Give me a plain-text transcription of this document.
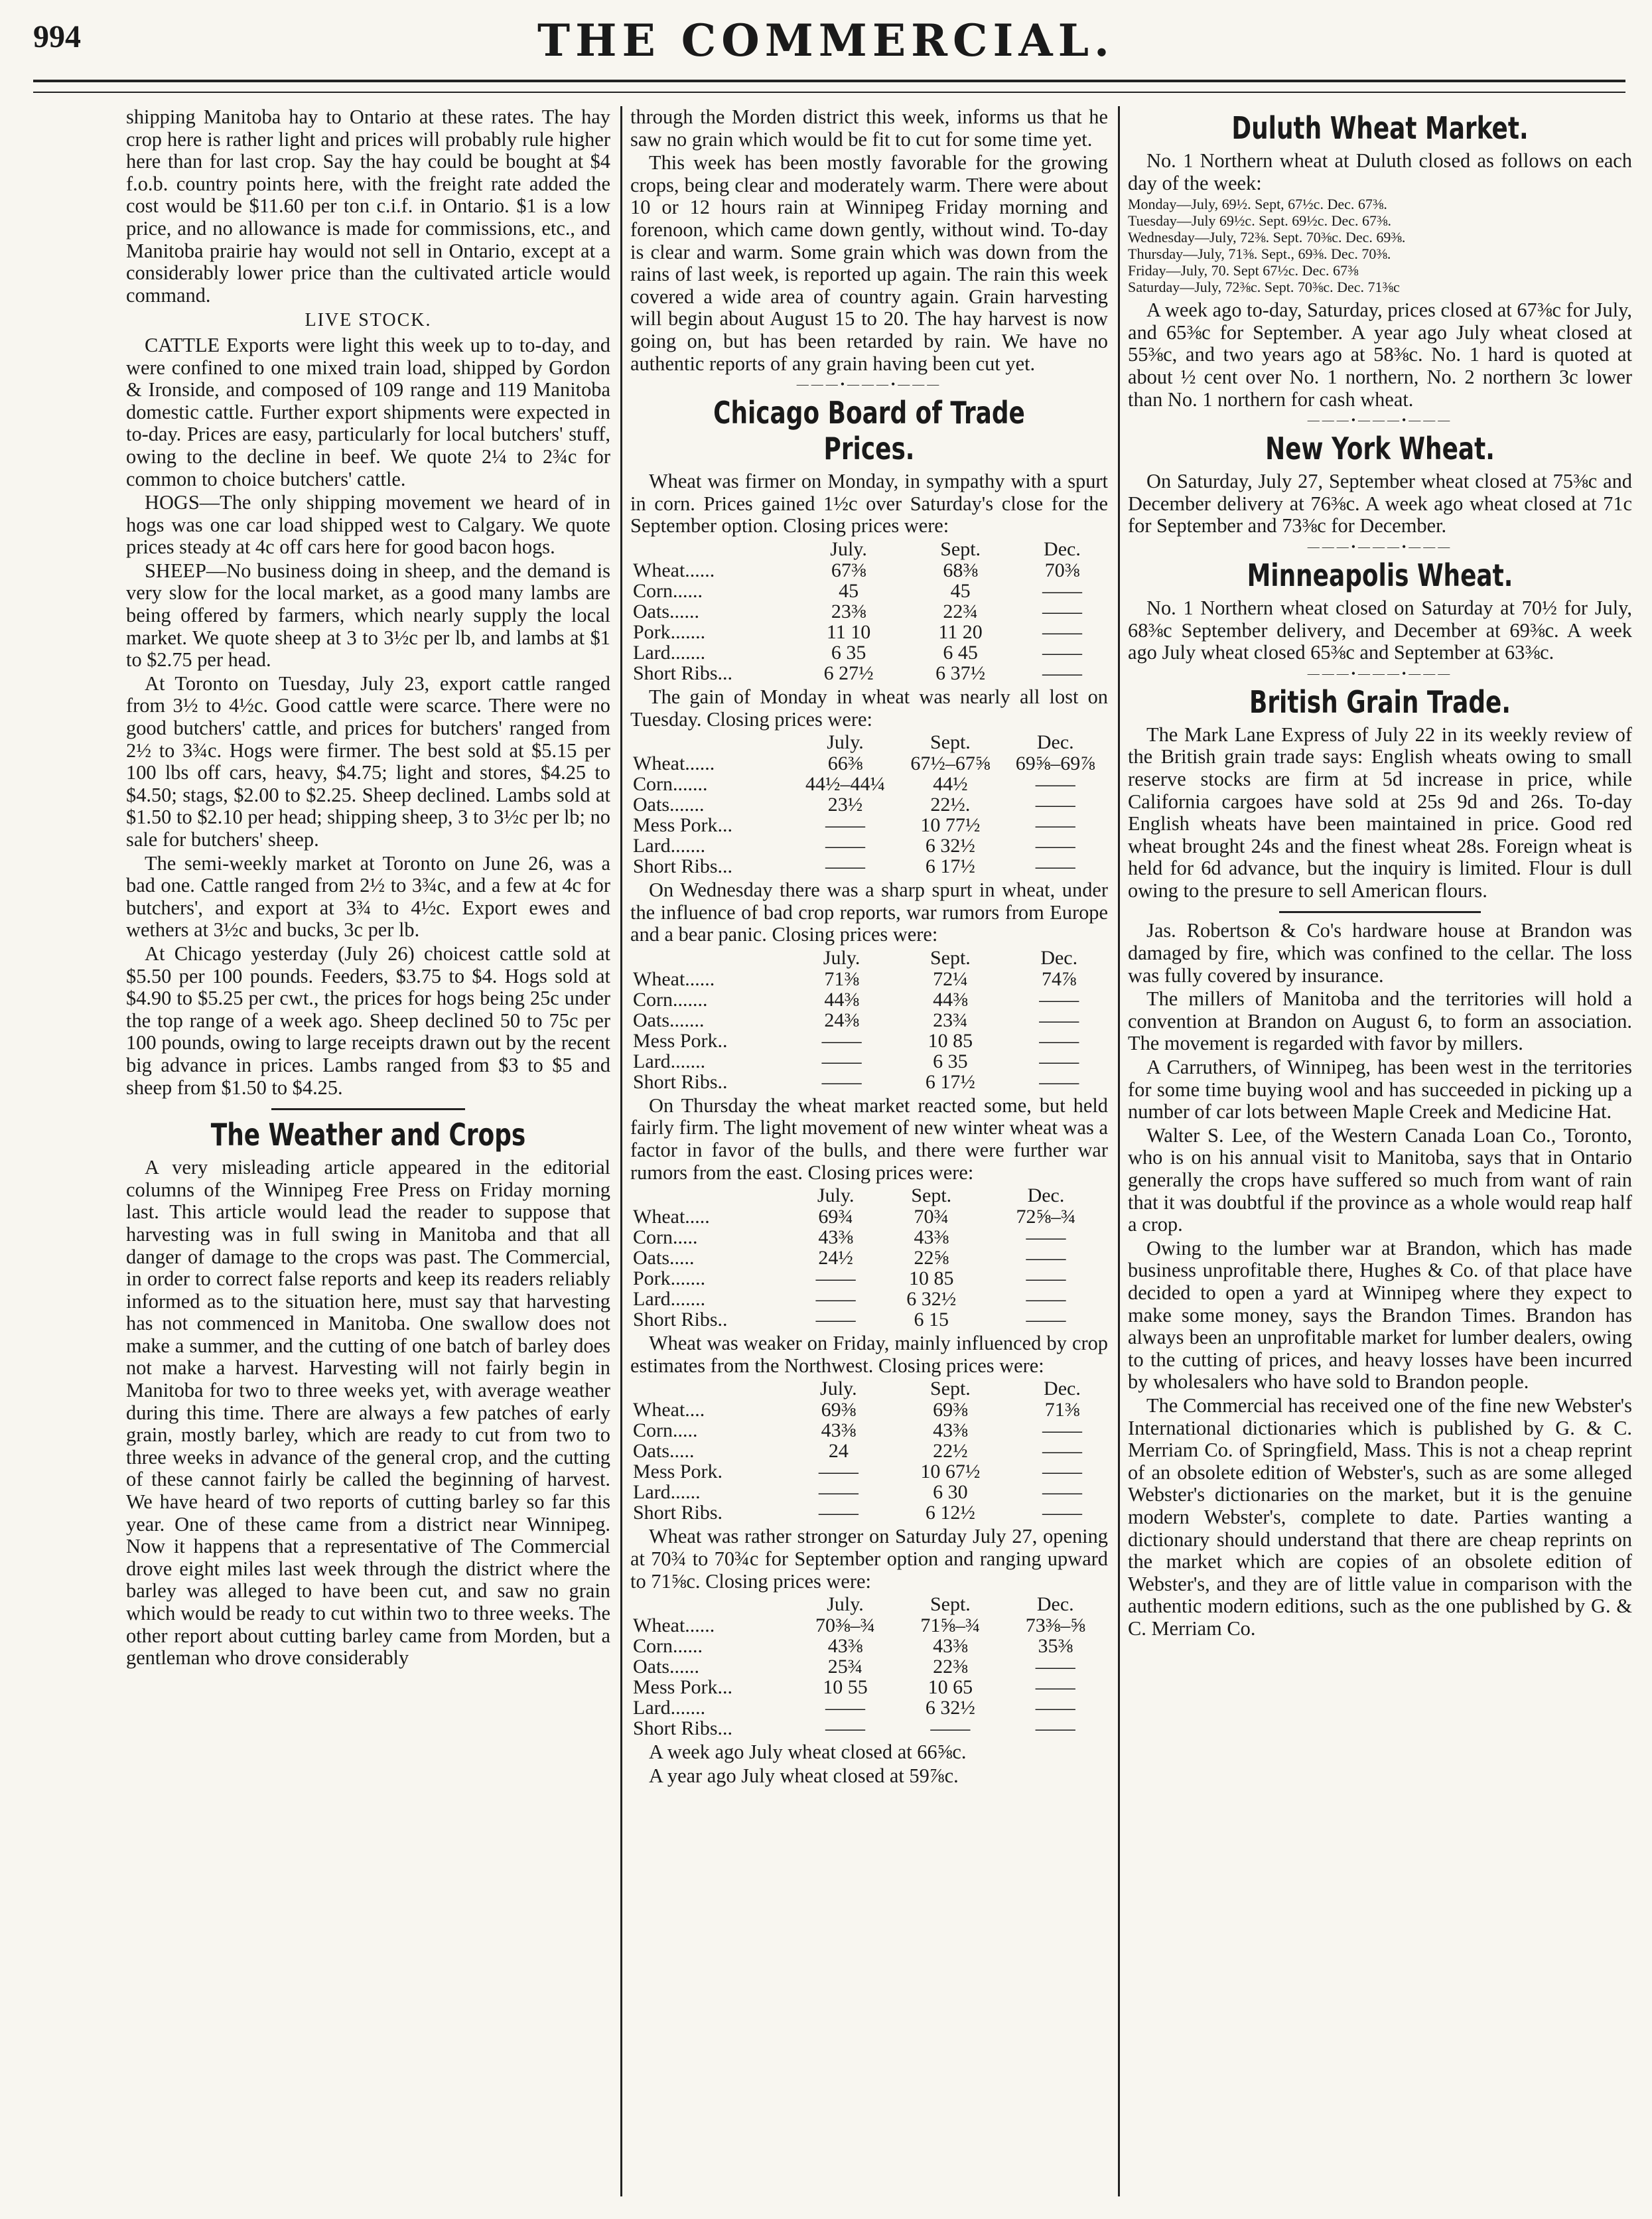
994	THE COMMERCIAL.

shipping Manitoba hay to Ontario at these rates. The hay crop here is rather light and prices will probably rule higher here than for last crop. Say the hay could be bought at $4 f.o.b. country points here, with the freight rate added the cost would be $11.60 per ton c.i.f. in Ontario. $1 is a low price, and no allowance is made for commissions, etc., and Manitoba prairie hay would not sell in Ontario, except at a considerably lower price than the cultivated article would command.

LIVE STOCK.

CATTLE Exports were light this week up to to-day, and were confined to one mixed train load, shipped by Gordon & Ironside, and composed of 109 range and 119 Manitoba domestic cattle. Further export shipments were expected in to-day. Prices are easy, particularly for local butchers' stuff, owing to the decline in beef. We quote 2¼ to 2¾c for common to choice butchers' cattle.

HOGS—The only shipping movement we heard of in hogs was one car load shipped west to Calgary. We quote prices steady at 4c off cars here for good bacon hogs.

SHEEP—No business doing in sheep, and the demand is very slow for the local market, as a good many lambs are being offered by farmers, which nearly supply the local market. We quote sheep at 3 to 3½c per lb, and lambs at $1 to $2.75 per head.

At Toronto on Tuesday, July 23, export cattle ranged from 3½ to 4½c. Good cattle were scarce. There were no good butchers' cattle, and prices for butchers' ranged from 2½ to 3¾c. Hogs were firmer. The best sold at $5.15 per 100 lbs off cars, heavy, $4.75; light and stores, $4.25 to $4.50; stags, $2.00 to $2.25. Sheep declined. Lambs sold at $1.50 to $2.10 per head; shipping sheep, 3 to 3½c per lb; no sale for butchers' sheep.

The semi-weekly market at Toronto on June 26, was a bad one. Cattle ranged from 2½ to 3¾c, and a few at 4c for butchers', and export at 3¾ to 4½c. Export ewes and wethers at 3½c and bucks, 3c per lb.

At Chicago yesterday (July 26) choicest cattle sold at $5.50 per 100 pounds. Feeders, $3.75 to $4. Hogs sold at $4.90 to $5.25 per cwt., the prices for hogs being 25c under the top range of a week ago. Sheep declined 50 to 75c per 100 pounds, owing to large receipts drawn out by the recent big advance in prices. Lambs ranged from $3 to $5 and sheep from $1.50 to $4.25.

The Weather and Crops

A very misleading article appeared in the editorial columns of the Winnipeg Free Press on Friday morning last. This article would lead the reader to suppose that harvesting was in full swing in Manitoba and that all danger of damage to the crops was past. The Commercial, in order to correct false reports and keep its readers reliably informed as to the situation here, must say that harvesting has not commenced in Manitoba. One swallow does not make a summer, and the cutting of one batch of barley does not make a harvest. Harvesting will not fairly begin in Manitoba for two to three weeks yet, with average weather during this time. There are always a few patches of early grain, mostly barley, which are ready to cut from two to three weeks in advance of the general crop, and the cutting of these cannot fairly be called the beginning of harvest. We have heard of two reports of cutting barley so far this year. One of these came from a district near Winnipeg. Now it happens that a representative of The Commercial drove eight miles last week through the district where the barley was alleged to have been cut, and saw no grain which would be ready to cut within two to three weeks. The other report about cutting barley came from Morden, but a gentleman who drove considerably

through the Morden district this week, informs us that he saw no grain which would be fit to cut for some time yet.

This week has been mostly favorable for the growing crops, being clear and moderately warm. There were about 10 or 12 hours rain at Winnipeg Friday morning and forenoon, which came down gently, without wind. To-day is clear and warm. Some grain which was down from the rains of last week, is reported up again. The rain this week covered a wide area of country again. Grain harvesting will begin about August 15 to 20. The hay harvest is now going on, but has been retarded by rain. We have no authentic reports of any grain having been cut yet.

———•———•———
Chicago Board of Trade Prices.

Wheat was firmer on Monday, in sympathy with a spurt in corn. Prices gained 1½c over Saturday's close for the September option. Closing prices were:

	July.	Sept.	Dec.
Wheat......	67⅜	68⅜	70⅜
Corn......	45	45	——
Oats......	23⅜	22¾	——
Pork.......	11 10	11 20	——
Lard.......	6 35	6 45	——
Short Ribs...	6 27½	6 37½	——

The gain of Monday in wheat was nearly all lost on Tuesday. Closing prices were:

	July.	Sept.	Dec.
Wheat......	66⅜	67½–67⅝	69⅝–69⅞
Corn.......	44½–44¼	44½	——
Oats.......	23½	22½.	——
Mess Pork...	——	10 77½	——
Lard.......	——	6 32½	——
Short Ribs...	——	6 17½	——

On Wednesday there was a sharp spurt in wheat, under the influence of bad crop reports, war rumors from Europe and a bear panic. Closing prices were:

	July.	Sept.	Dec.
Wheat......	71⅜	72¼	74⅞
Corn.......	44⅜	44⅜	——
Oats.......	24⅜	23¾	——
Mess Pork..	——	10 85	——
Lard.......	——	6 35	——
Short Ribs..	——	6 17½	——

On Thursday the wheat market reacted some, but held fairly firm. The light movement of new winter wheat was a factor in favor of the bulls, and there were further war rumors from the east. Closing prices were:

	July.	Sept.	Dec.
Wheat.....	69¾	70¾	72⅝–¾
Corn.....	43⅜	43⅜	——
Oats.....	24½	22⅝	——
Pork.......	——	10 85	——
Lard.......	——	6 32½	——
Short Ribs..	——	6 15	——

Wheat was weaker on Friday, mainly influenced by crop estimates from the Northwest. Closing prices were:

	July.	Sept.	Dec.
Wheat....	69⅜	69⅜	71⅜
Corn.....	43⅜	43⅜	——
Oats.....	24	22½	——
Mess Pork.	——	10 67½	——
Lard......	——	6 30	——
Short Ribs.	——	6 12½	——

Wheat was rather stronger on Saturday July 27, opening at 70¾ to 70¾c for September option and ranging upward to 71⅝c. Closing prices were:

	July.	Sept.	Dec.
Wheat......	70⅜–¾	71⅝–¾	73⅜–⅝
Corn......	43⅜	43⅜	35⅜
Oats......	25¾	22⅜	——
Mess Pork...	10 55	10 65	——
Lard.......	——	6 32½	——
Short Ribs...	——	——	——

A week ago July wheat closed at 66⅝c.

A year ago July wheat closed at 59⅞c.

Duluth Wheat Market.

No. 1 Northern wheat at Duluth closed as follows on each day of the week:

Monday—July, 69½. Sept, 67½c. Dec. 67⅜.
Tuesday—July 69½c. Sept. 69½c. Dec. 67⅜.
Wednesday—July, 72⅜. Sept. 70⅜c. Dec. 69⅜.
Thursday—July, 71⅜. Sept., 69⅜. Dec. 70⅜.
Friday—July, 70. Sept 67½c. Dec. 67⅜
Saturday—July, 72⅜c. Sept. 70⅜c. Dec. 71⅜c

A week ago to-day, Saturday, prices closed at 67⅜c for July, and 65⅜c for September. A year ago July wheat closed at 55⅜c, and two years ago at 58⅜c. No. 1 hard is quoted at about ½ cent over No. 1 northern, No. 2 northern 3c lower than No. 1 northern for cash wheat.

———•———•———
New York Wheat.

On Saturday, July 27, September wheat closed at 75⅜c and December delivery at 76⅜c. A week ago wheat closed at 71c for September and 73⅜c for December.

———•———•———
Minneapolis Wheat.

No. 1 Northern wheat closed on Saturday at 70½ for July, 68⅜c September delivery, and December at 69⅜c. A week ago July wheat closed 65⅜c and September at 63⅜c.

———•———•———
British Grain Trade.

The Mark Lane Express of July 22 in its weekly review of the British grain trade says: English wheats owing to small reserve stocks are firm at 5d increase in price, while California cargoes have sold at 25s 9d and 26s. To-day English wheats have been maintained in price. Good red wheat brought 24s and the finest wheat 28s. Foreign wheat is held for 6d advance, but the inquiry is limited. Flour is dull owing to the presure to sell American flours.

Jas. Robertson & Co's hardware house at Brandon was damaged by fire, which was confined to the cellar. The loss was fully covered by insurance.

The millers of Manitoba and the territories will hold a convention at Brandon on August 6, to form an association. The movement is regarded with favor by millers.

A Carruthers, of Winnipeg, has been west in the territories for some time buying wool and has succeeded in picking up a number of car lots between Maple Creek and Medicine Hat.

Walter S. Lee, of the Western Canada Loan Co., Toronto, who is on his annual visit to Manitoba, says that in Ontario generally the crops have suffered so much from want of rain that it was doubtful if the province as a whole would reap half a crop.

Owing to the lumber war at Brandon, which has made business unprofitable there, Hughes & Co. of that place have decided to open a yard at Winnipeg where they expect to make some money, says the Brandon Times. Brandon has always been an unprofitable market for lumber dealers, owing to the cutting of prices, and heavy losses have been incurred by wholesalers who have sold to Brandon people.

The Commercial has received one of the fine new Webster's International dictionaries which is published by G. & C. Merriam Co. of Springfield, Mass. This is not a cheap reprint of an obsolete edition of Webster's, such as are some alleged Webster's dictionaries on the market, but it is the genuine modern Webster's, complete to date. Parties wanting a dictionary should understand that there are cheap reprints on the market which are copies of an obsolete edition of Webster's, and they are of little value in comparison with the authentic modern editions, such as the one published by G. & C. Merriam Co.
